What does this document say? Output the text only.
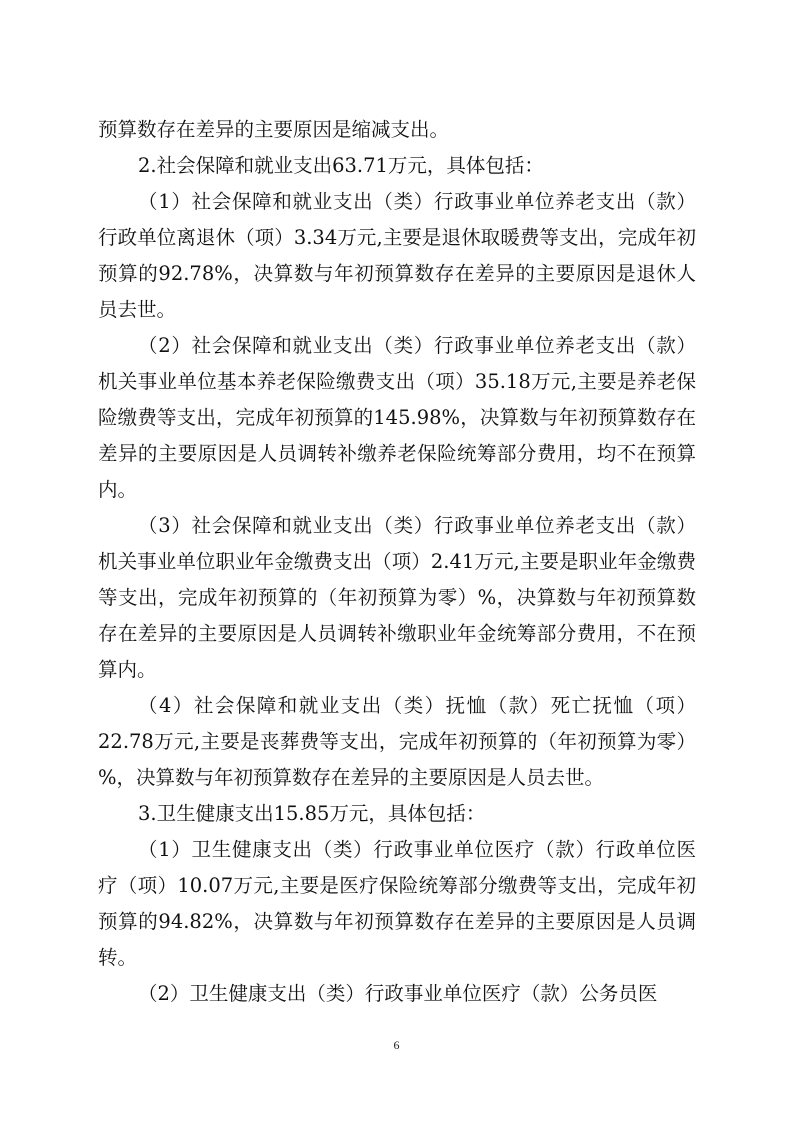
预算数存在差异的主要原因是缩减支出。

2.社会保障和就业支出63.71万元，具体包括：

（1）社会保障和就业支出（类）行政事业单位养老支出（款）行政单位离退休（项）3.34万元,主要是退休取暖费等支出，完成年初预算的92.78%，决算数与年初预算数存在差异的主要原因是退休人员去世。

（2）社会保障和就业支出（类）行政事业单位养老支出（款）机关事业单位基本养老保险缴费支出（项）35.18万元,主要是养老保险缴费等支出，完成年初预算的145.98%，决算数与年初预算数存在差异的主要原因是人员调转补缴养老保险统筹部分费用，均不在预算内。

（3）社会保障和就业支出（类）行政事业单位养老支出（款）机关事业单位职业年金缴费支出（项）2.41万元,主要是职业年金缴费等支出，完成年初预算的（年初预算为零）%，决算数与年初预算数存在差异的主要原因是人员调转补缴职业年金统筹部分费用，不在预算内。

（4）社会保障和就业支出（类）抚恤（款）死亡抚恤（项）22.78万元,主要是丧葬费等支出，完成年初预算的（年初预算为零）%，决算数与年初预算数存在差异的主要原因是人员去世。

3.卫生健康支出15.85万元，具体包括：

（1）卫生健康支出（类）行政事业单位医疗（款）行政单位医疗（项）10.07万元,主要是医疗保险统筹部分缴费等支出，完成年初预算的94.82%，决算数与年初预算数存在差异的主要原因是人员调转。

（2）卫生健康支出（类）行政事业单位医疗（款）公务员医

6
